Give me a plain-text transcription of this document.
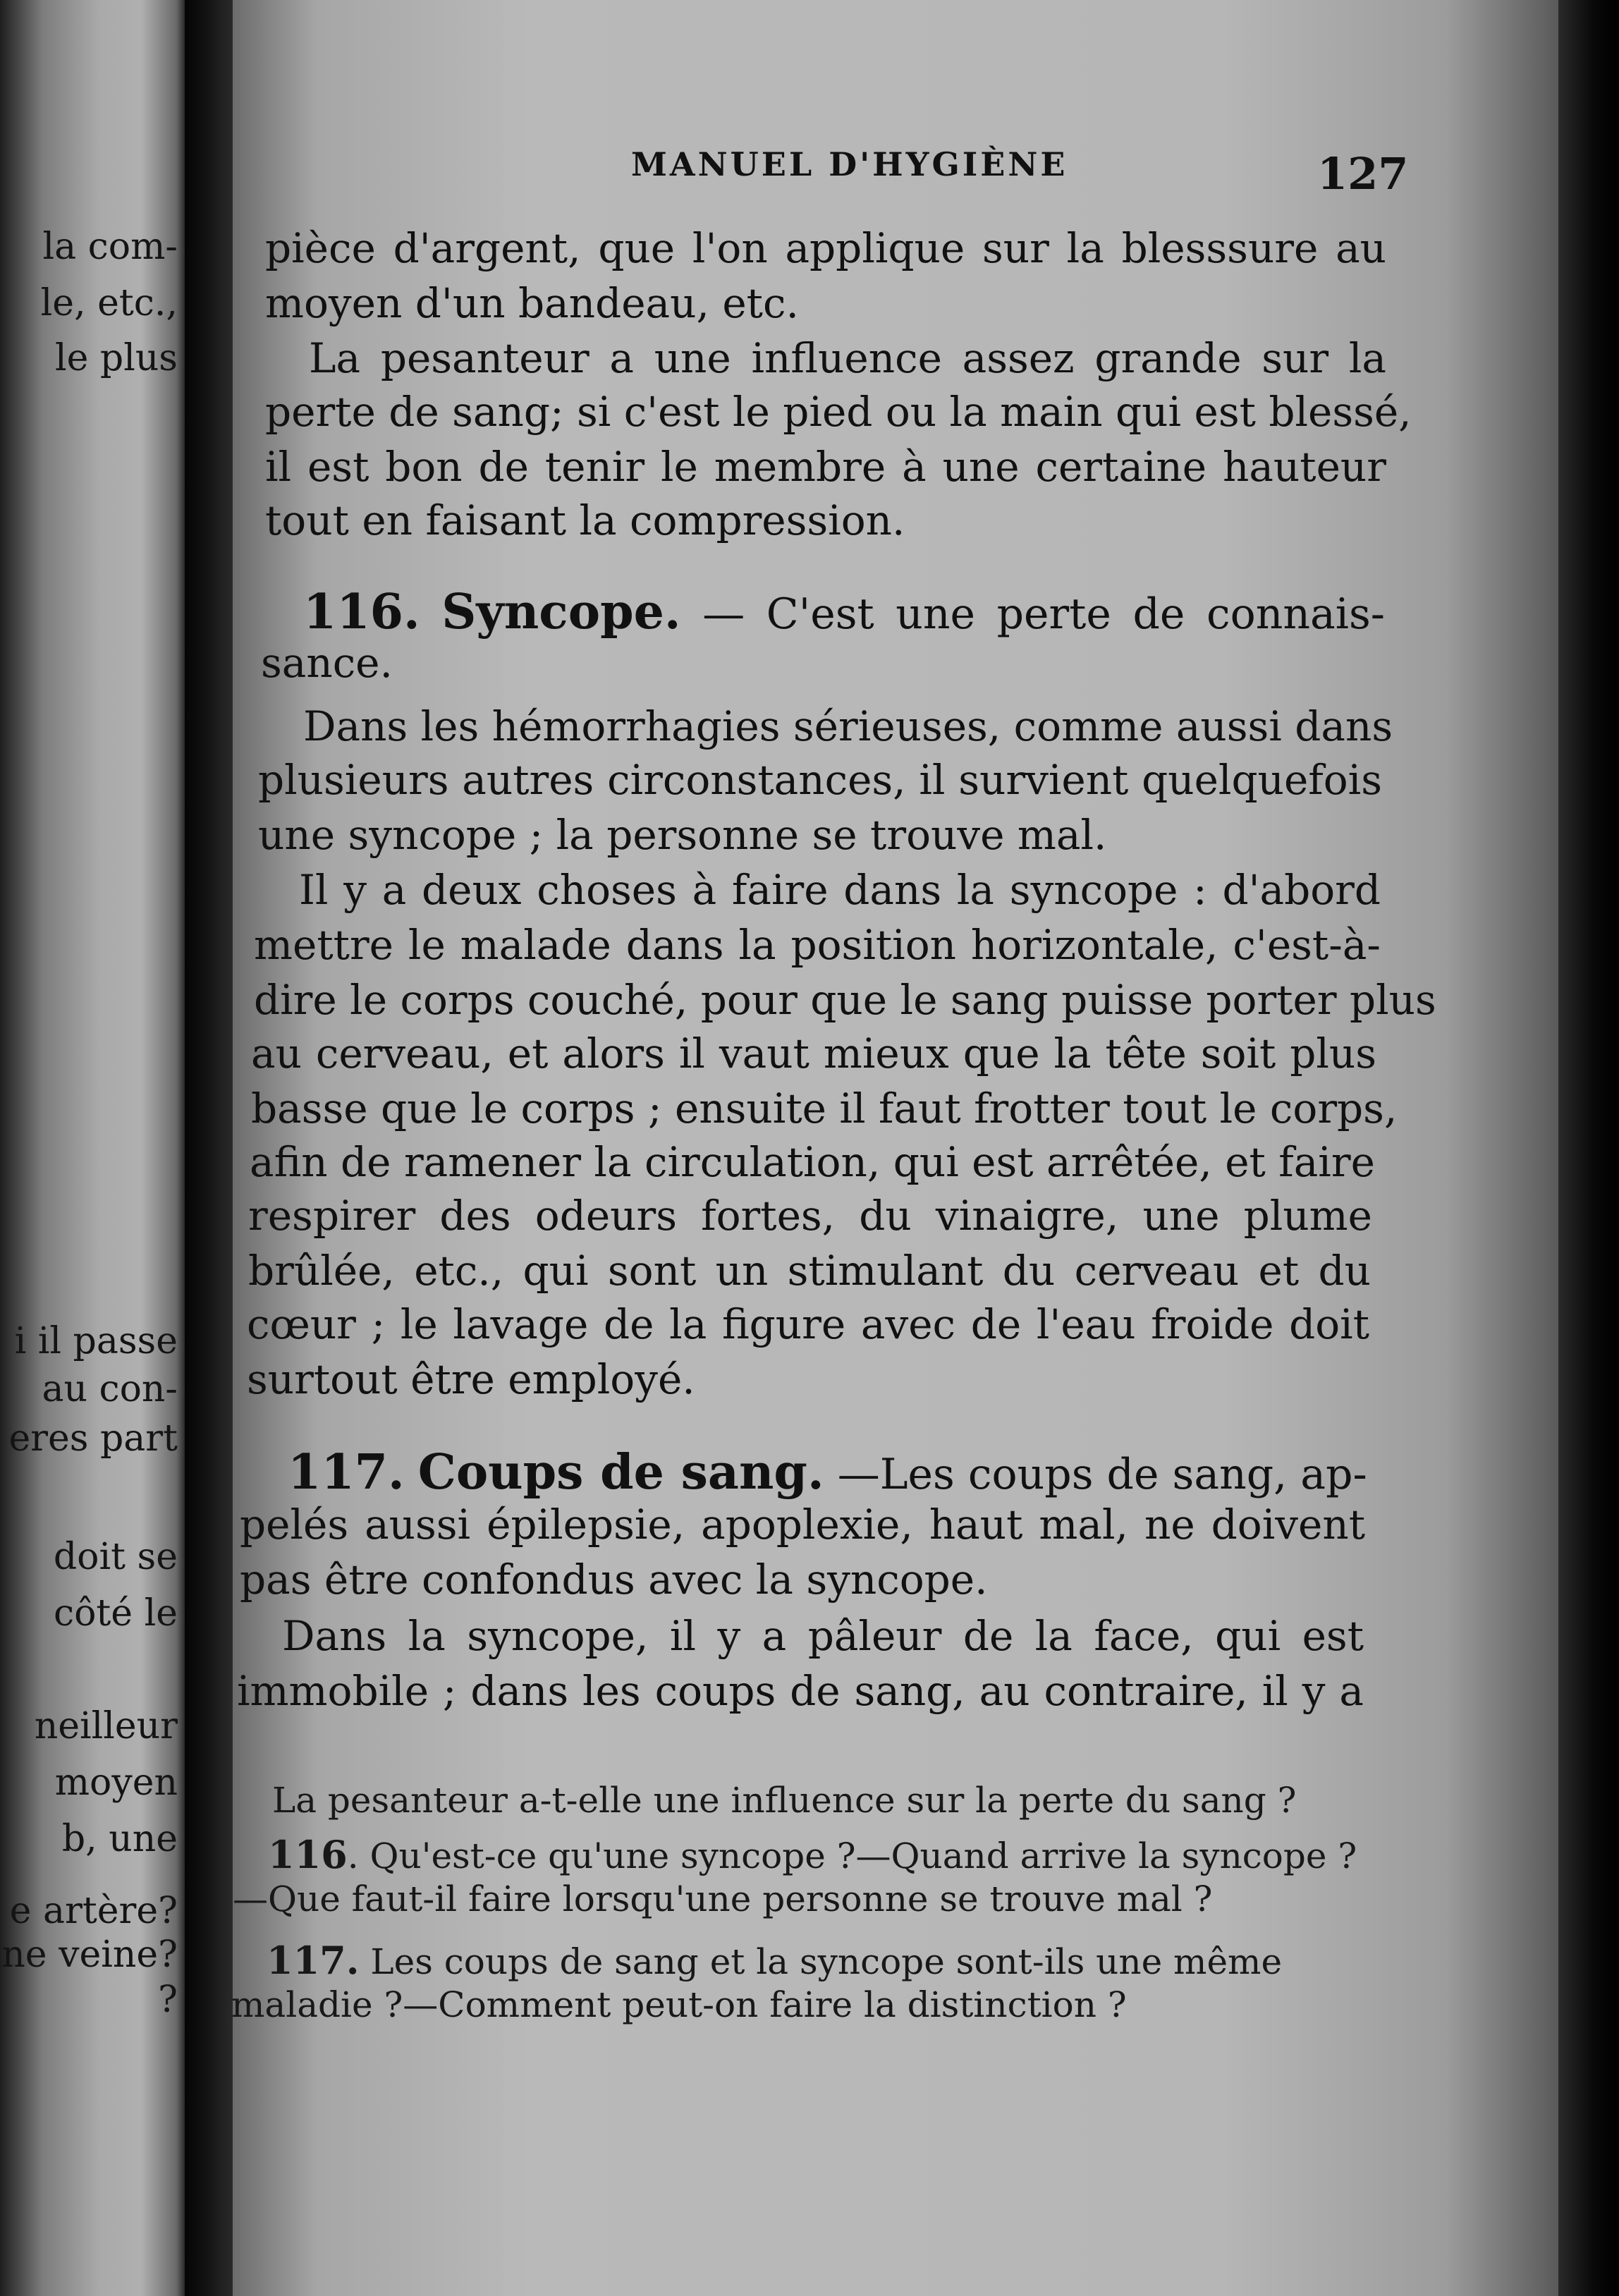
la com-
le, etc.,
le plus
i il passe
au con-
eres part
doit se
côté le
neilleur
moyen
b, une
e artère?
ne veine?
?
MANUEL D'HYGIÈNE	127
pièce d'argent, que l'on applique sur la blesssure au
moyen d'un bandeau, etc.
La pesanteur a une influence assez grande sur la
perte de sang; si c'est le pied ou la main qui est blessé,
il est bon de tenir le membre à une certaine hauteur
tout en faisant la compression.
116. Syncope. — C'est une perte de connais-
sance.
Dans les hémorrhagies sérieuses, comme aussi dans
plusieurs autres circonstances, il survient quelquefois
une syncope ; la personne se trouve mal.
Il y a deux choses à faire dans la syncope : d'abord
mettre le malade dans la position horizontale, c'est-à-
dire le corps couché, pour que le sang puisse porter plus
au cerveau, et alors il vaut mieux que la tête soit plus
basse que le corps ; ensuite il faut frotter tout le corps,
afin de ramener la circulation, qui est arrêtée, et faire
respirer des odeurs fortes, du vinaigre, une plume
brûlée, etc., qui sont un stimulant du cerveau et du
cœur ; le lavage de la figure avec de l'eau froide doit
surtout être employé.
117. Coups de sang. —Les coups de sang, ap-
pelés aussi épilepsie, apoplexie, haut mal, ne doivent
pas être confondus avec la syncope.
Dans la syncope, il y a pâleur de la face, qui est
immobile ; dans les coups de sang, au contraire, il y a
La pesanteur a-t-elle une influence sur la perte du sang ?
116. Qu'est-ce qu'une syncope ?—Quand arrive la syncope ?
—Que faut-il faire lorsqu'une personne se trouve mal ?
117. Les coups de sang et la syncope sont-ils une même
maladie ?—Comment peut-on faire la distinction ?
